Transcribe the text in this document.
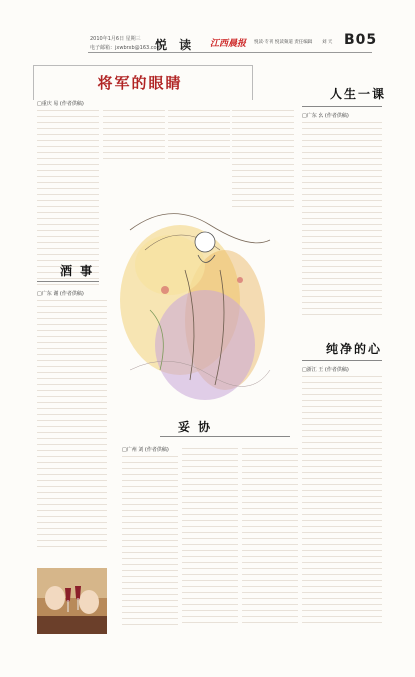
2010年1月6日 星期三
电子邮箱：jxwbrxb@163.com
悦 读 江西晨报 悦读·专刊 悦读频道 责任编辑 刘 天 B05
将军的眼睛
□重庆 易 (作者供稿)
人生一课
□广东 幺 (作者供稿)
酒 事
□广东 谢 (作者供稿)
妥 协
□广州 刘 (作者供稿)
纯净的心
□浙江 王 (作者供稿)
